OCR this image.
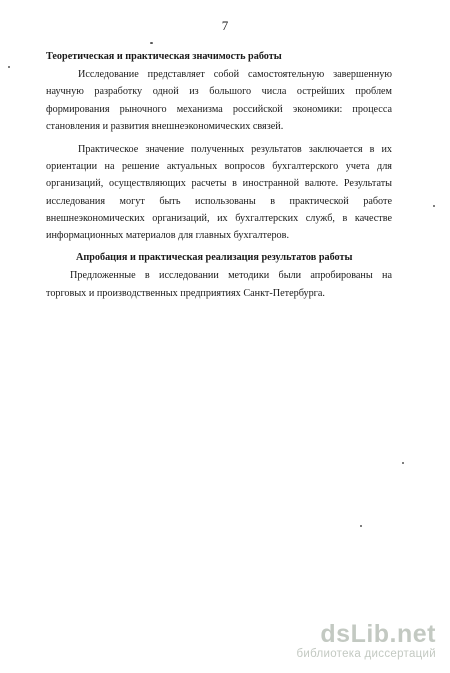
7

Теоретическая и практическая значимость работы

Исследование представляет собой самостоятельную завершенную научную разработку одной из большого числа острейших проблем формирования рыночного механизма российской экономики: процесса становления и развития внешнеэкономических связей.

Практическое значение полученных результатов заключается в их ориентации на решение актуальных вопросов бухгалтерского учета для организаций, осуществляющих расчеты в иностранной валюте. Результаты исследования могут быть использованы в практической работе внешнеэкономических организаций, их бухгалтерских служб, в качестве информационных материалов для главных бухгалтеров.

Апробация и практическая реализация результатов работы

Предложенные в исследовании методики были апробированы на торговых и производственных предприятиях Санкт-Петербурга.

dsLib.net
библиотека диссертаций
